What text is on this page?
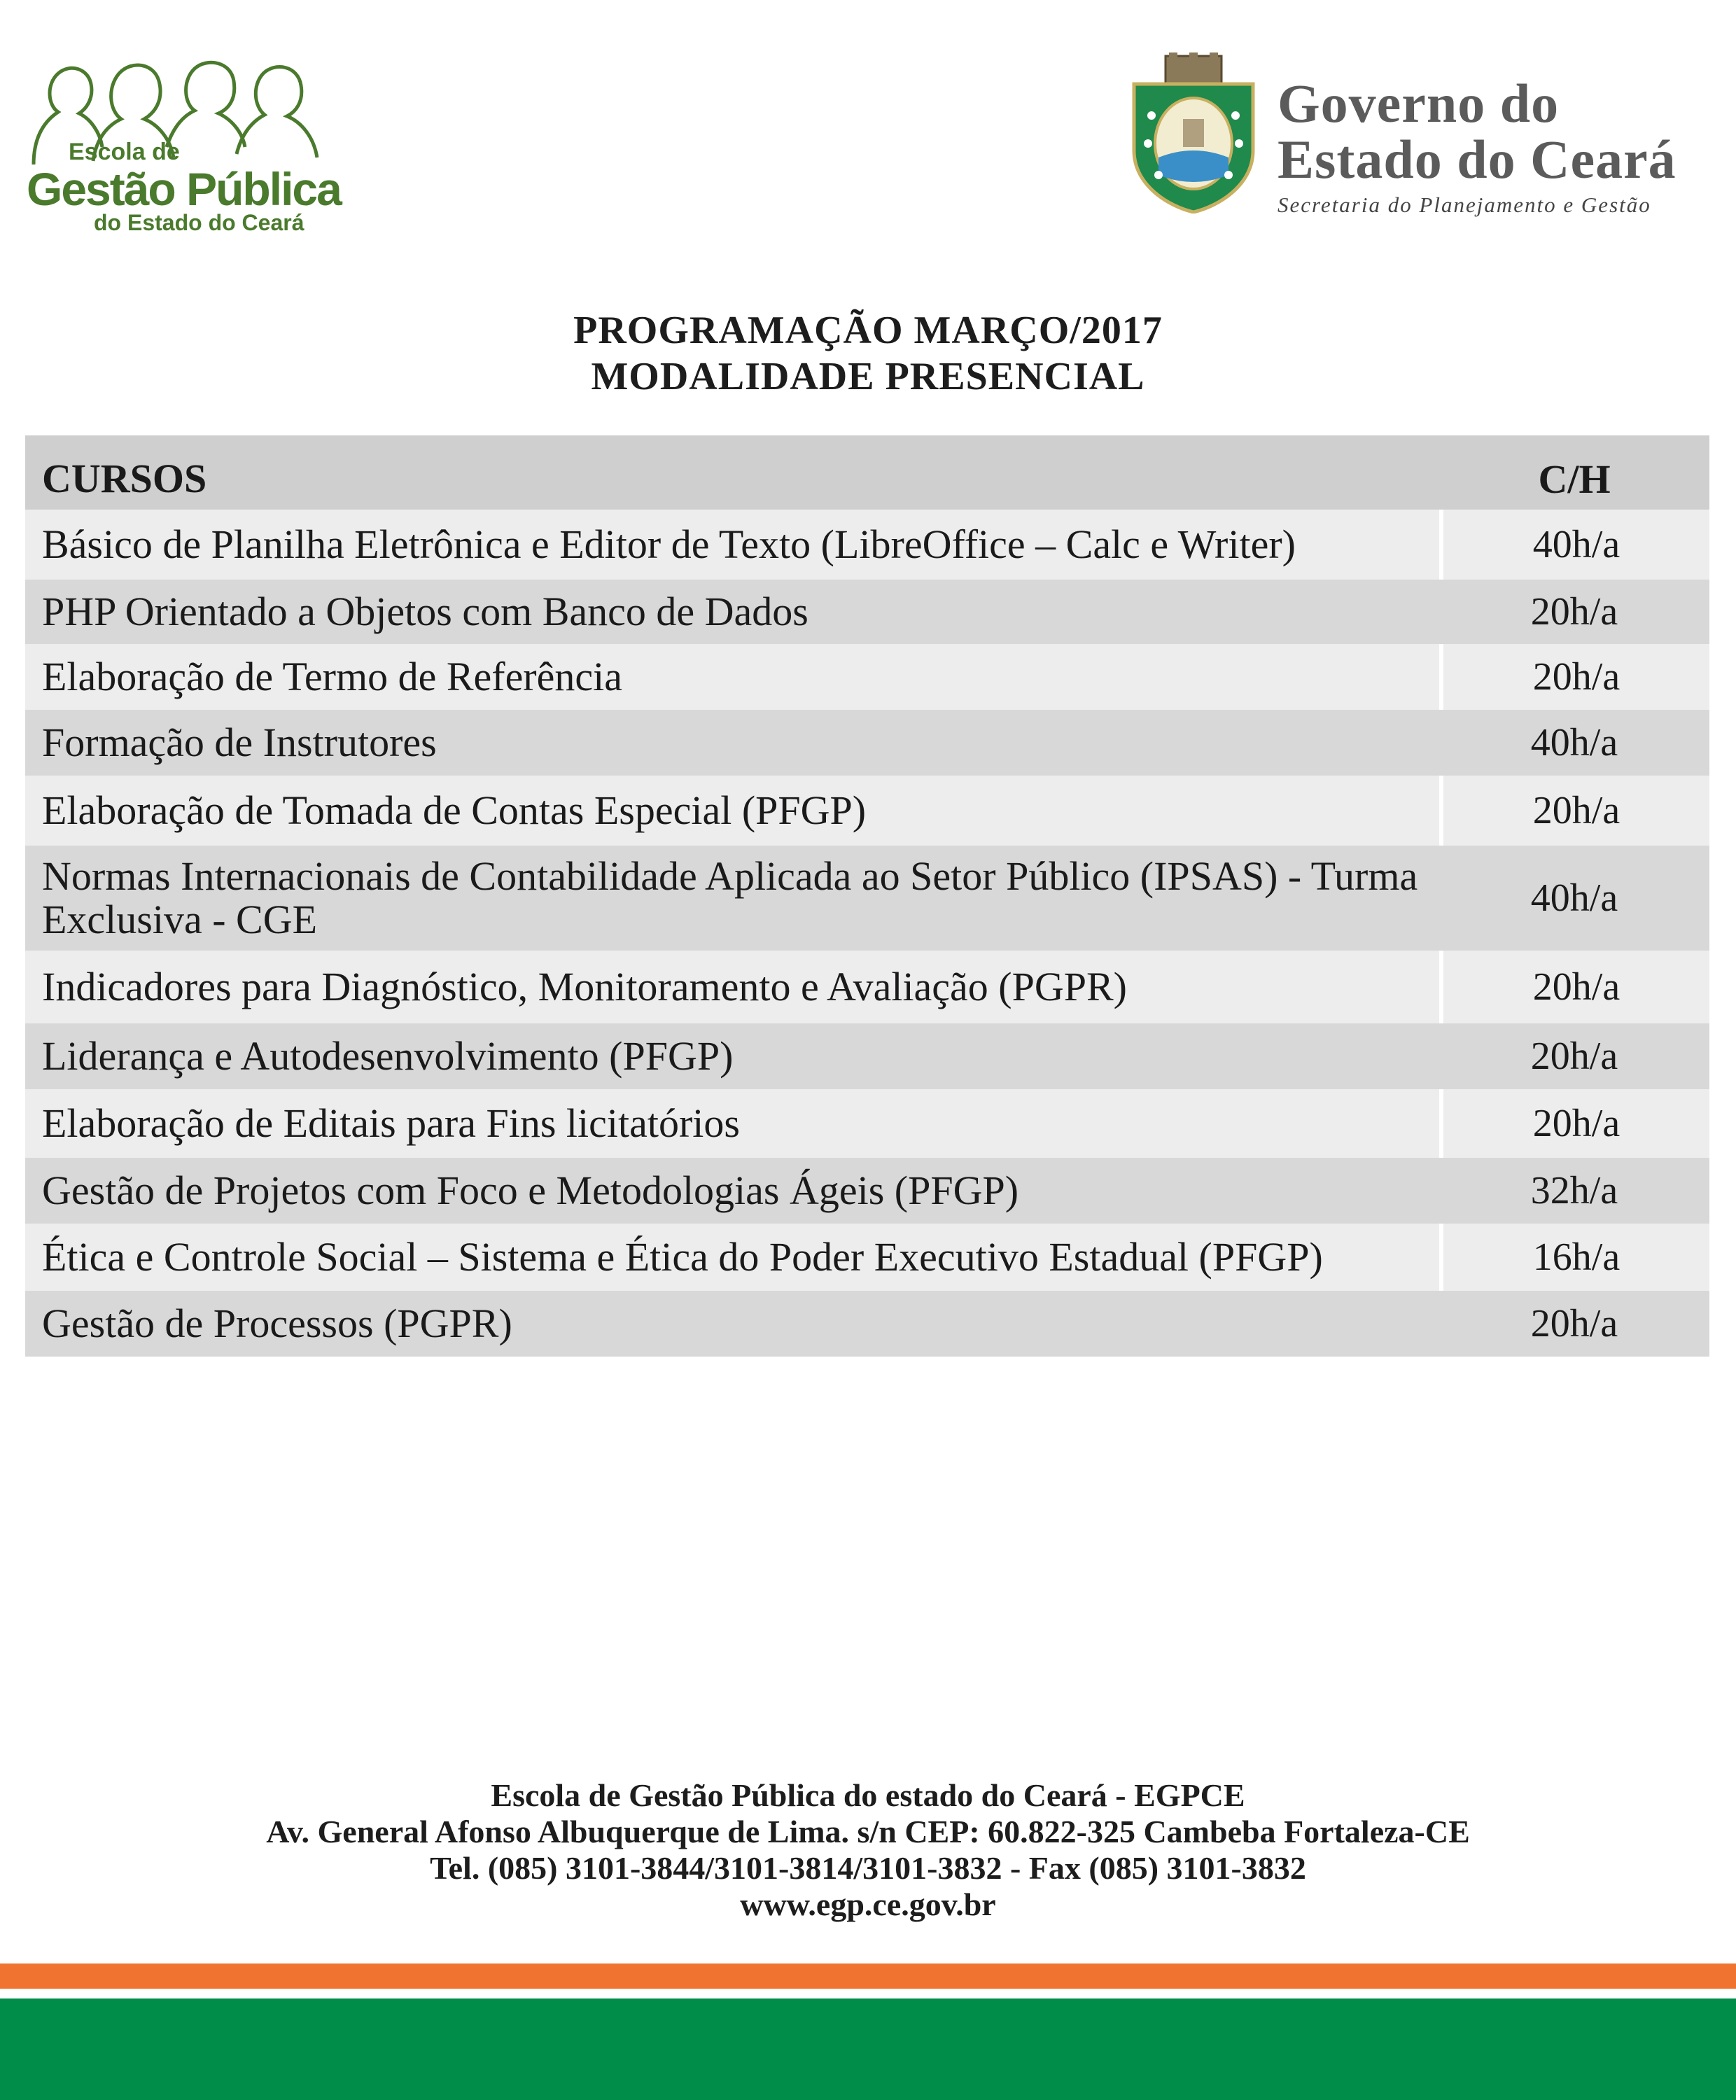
Escola de
Gestão Pública
do Estado do Ceará
Governo do
Estado do Ceará
Secretaria do Planejamento e Gestão
PROGRAMAÇÃO MARÇO/2017
MODALIDADE PRESENCIAL
CURSOS	C/H
Básico de Planilha Eletrônica e Editor de Texto (LibreOffice – Calc e Writer)	40h/a
PHP Orientado a Objetos com Banco de Dados	20h/a
Elaboração de Termo de Referência	20h/a
Formação de Instrutores	40h/a
Elaboração de Tomada de Contas Especial (PFGP)	20h/a
Normas Internacionais de Contabilidade Aplicada ao Setor Público (IPSAS) - Turma Exclusiva - CGE	40h/a
Indicadores para Diagnóstico, Monitoramento e Avaliação (PGPR)	20h/a
Liderança e Autodesenvolvimento (PFGP)	20h/a
Elaboração de Editais para Fins licitatórios	20h/a
Gestão de Projetos com Foco e Metodologias Ágeis (PFGP)	32h/a
Ética e Controle Social – Sistema e Ética do Poder Executivo Estadual (PFGP)	16h/a
Gestão de Processos (PGPR)	20h/a
Escola de Gestão Pública do estado do Ceará - EGPCE
Av. General Afonso Albuquerque de Lima. s/n CEP: 60.822-325 Cambeba Fortaleza-CE
Tel. (085) 3101-3844/3101-3814/3101-3832 - Fax (085) 3101-3832
www.egp.ce.gov.br
